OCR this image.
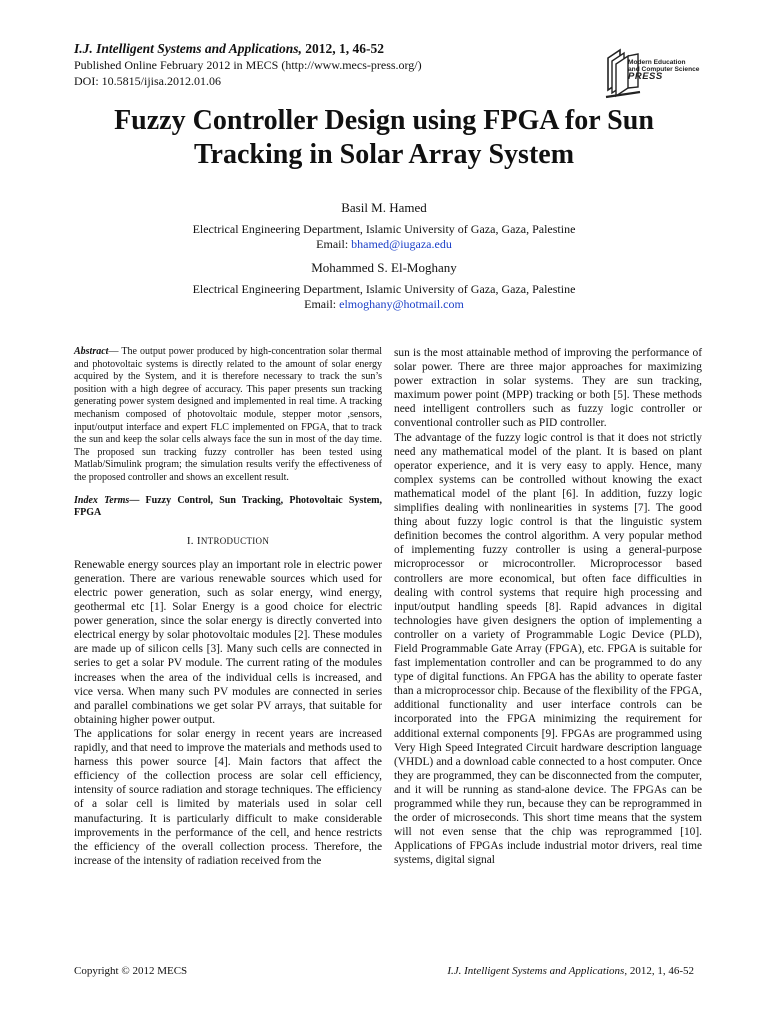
I.J. Intelligent Systems and Applications, 2012, 1, 46-52
Published Online February 2012 in MECS (http://www.mecs-press.org/)
DOI: 10.5815/ijisa.2012.01.06
Modern Education
and Computer Science
PRESS
Fuzzy Controller Design using FPGA for Sun
Tracking in Solar Array System
Basil M. Hamed
Electrical Engineering Department, Islamic University of Gaza, Gaza, Palestine
Email: bhamed@iugaza.edu
Mohammed S. El-Moghany
Electrical Engineering Department, Islamic University of Gaza, Gaza, Palestine
Email: elmoghany@hotmail.com

Abstract— The output power produced by high-concentration solar thermal and photovoltaic systems is directly related to the amount of solar energy acquired by the System, and it is therefore necessary to track the sun’s position with a high degree of accuracy. This paper presents sun tracking generating power system designed and implemented in real time. A tracking mechanism composed of photovoltaic module, stepper motor ,sensors, input/output interface and expert FLC implemented on FPGA, that to track the sun and keep the solar cells always face the sun in most of the day time. The proposed sun tracking fuzzy controller has been tested using Matlab/Simulink program; the simulation results verify the effectiveness of the proposed controller and shows an excellent result.

Index Terms— Fuzzy Control, Sun Tracking, Photovoltaic System, FPGA

I. INTRODUCTION

Renewable energy sources play an important role in electric power generation. There are various renewable sources which used for electric power generation, such as solar energy, wind energy, geothermal etc [1]. Solar Energy is a good choice for electric power generation, since the solar energy is directly converted into electrical energy by solar photovoltaic modules [2]. These modules are made up of silicon cells [3]. Many such cells are connected in series to get a solar PV module. The current rating of the modules increases when the area of the individual cells is increased, and vice versa. When many such PV modules are connected in series and parallel combinations we get solar PV arrays, that suitable for obtaining higher power output.

The applications for solar energy in recent years are increased rapidly, and that need to improve the materials and methods used to harness this power source [4]. Main factors that affect the efficiency of the collection process are solar cell efficiency, intensity of source radiation and storage techniques. The efficiency of a solar cell is limited by materials used in solar cell manufacturing. It is particularly difficult to make considerable improvements in the performance of the cell, and hence restricts the efficiency of the overall collection process. Therefore, the increase of the intensity of radiation received from the

sun is the most attainable method of improving the performance of solar power. There are three major approaches for maximizing power extraction in solar systems. They are sun tracking, maximum power point (MPP) tracking or both [5]. These methods need intelligent controllers such as fuzzy logic controller or conventional controller such as PID controller.

The advantage of the fuzzy logic control is that it does not strictly need any mathematical model of the plant. It is based on plant operator experience, and it is very easy to apply. Hence, many complex systems can be controlled without knowing the exact mathematical model of the plant [6]. In addition, fuzzy logic simplifies dealing with nonlinearities in systems [7]. The good thing about fuzzy logic control is that the linguistic system definition becomes the control algorithm. A very popular method of implementing fuzzy controller is using a general-purpose microprocessor or microcontroller. Microprocessor based controllers are more economical, but often face difficulties in dealing with control systems that require high processing and input/output handling speeds [8]. Rapid advances in digital technologies have given designers the option of implementing a controller on a variety of Programmable Logic Device (PLD), Field Programmable Gate Array (FPGA), etc. FPGA is suitable for fast implementation controller and can be programmed to do any type of digital functions. An FPGA has the ability to operate faster than a microprocessor chip. Because of the flexibility of the FPGA, additional functionality and user interface controls can be incorporated into the FPGA minimizing the requirement for additional external components [9]. FPGAs are programmed using Very High Speed Integrated Circuit hardware description language (VHDL) and a download cable connected to a host computer. Once they are programmed, they can be disconnected from the computer, and it will be running as stand-alone device. The FPGAs can be programmed while they run, because they can be reprogrammed in the order of microseconds. This short time means that the system will not even sense that the chip was reprogrammed [10]. Applications of FPGAs include industrial motor drivers, real time systems, digital signal

Copyright © 2012 MECS	I.J. Intelligent Systems and Applications, 2012, 1, 46-52
